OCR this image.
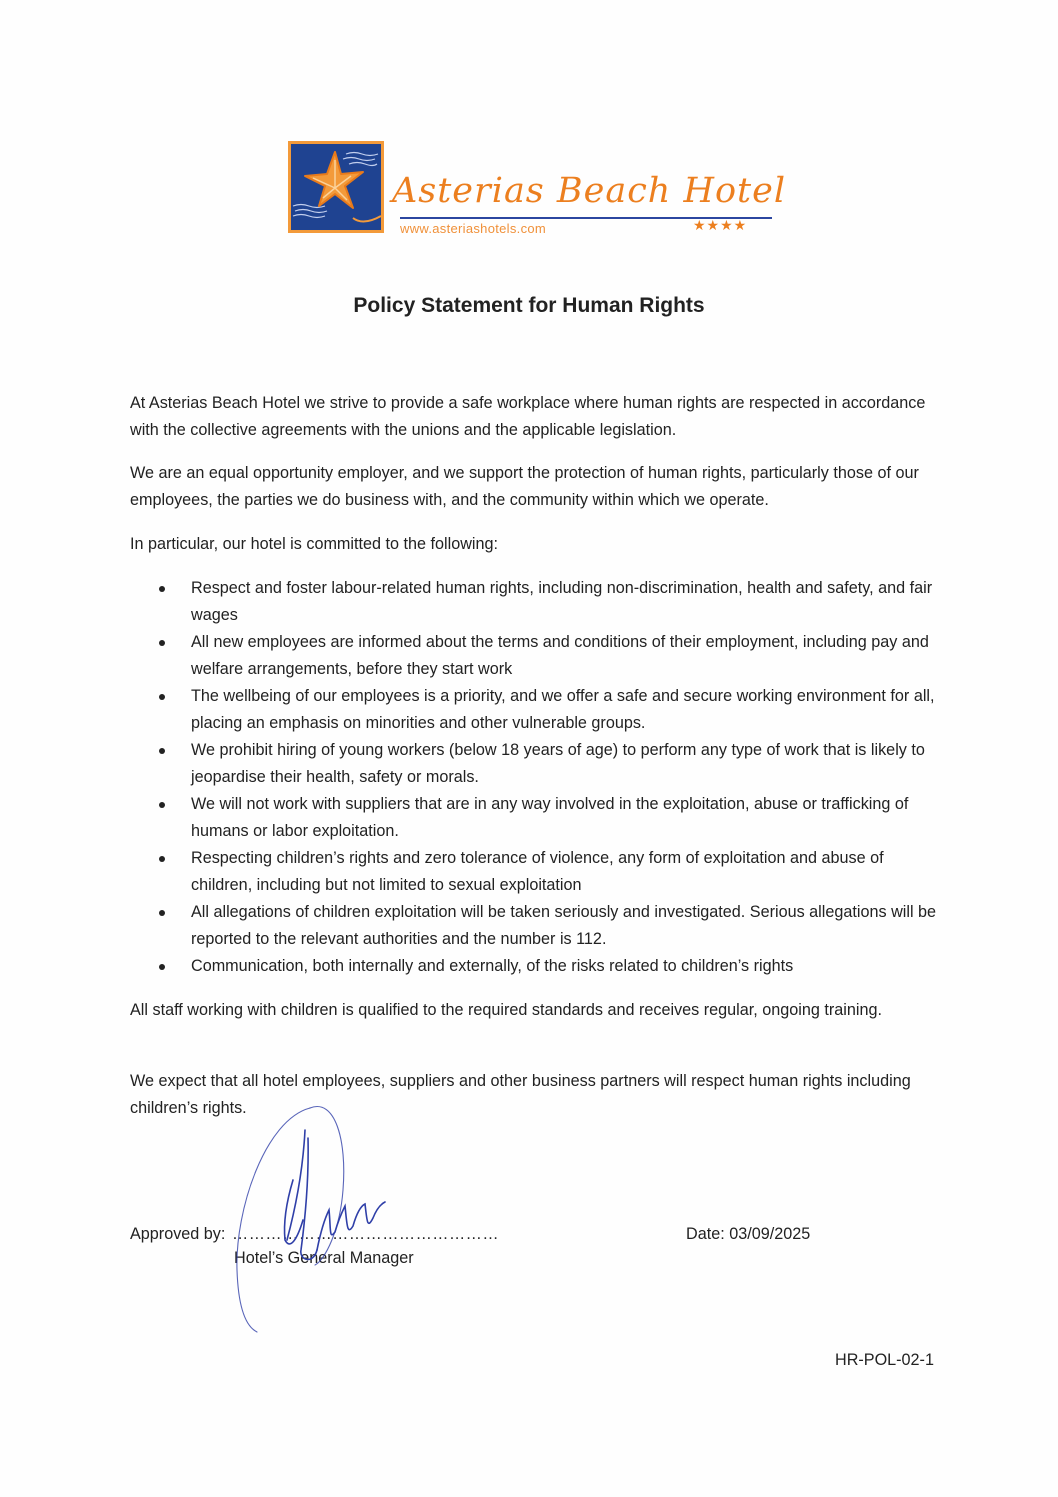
Asterias Beach Hotel
www.asteriashotels.com	★★★★
Policy Statement for Human Rights
At Asterias Beach Hotel we strive to provide a safe workplace where human rights are respected in accordance with the collective agreements with the unions and the applicable legislation.
We are an equal opportunity employer, and we support the protection of human rights, particularly those of our employees, the parties we do business with, and the community within which we operate.
In particular, our hotel is committed to the following:
Respect and foster labour-related human rights, including non-discrimination, health and safety, and fair wages
All new employees are informed about the terms and conditions of their employment, including pay and welfare arrangements, before they start work
The wellbeing of our employees is a priority, and we offer a safe and secure working environment for all, placing an emphasis on minorities and other vulnerable groups.
We prohibit hiring of young workers (below 18 years of age) to perform any type of work that is likely to jeopardise their health, safety or morals.
We will not work with suppliers that are in any way involved in the exploitation, abuse or trafficking of humans or labor exploitation.
Respecting children’s rights and zero tolerance of violence, any form of exploitation and abuse of children, including but not limited to sexual exploitation
All allegations of children exploitation will be taken seriously and investigated. Serious allegations will be reported to the relevant authorities and the number is 112.
Communication, both internally and externally, of the risks related to children’s rights
All staff working with children is qualified to the required standards and receives regular, ongoing training.
We expect that all hotel employees, suppliers and other business partners will respect human rights including children’s rights.
Approved by: …………………………………………
Hotel’s General Manager
Date: 03/09/2025
HR-POL-02-1
